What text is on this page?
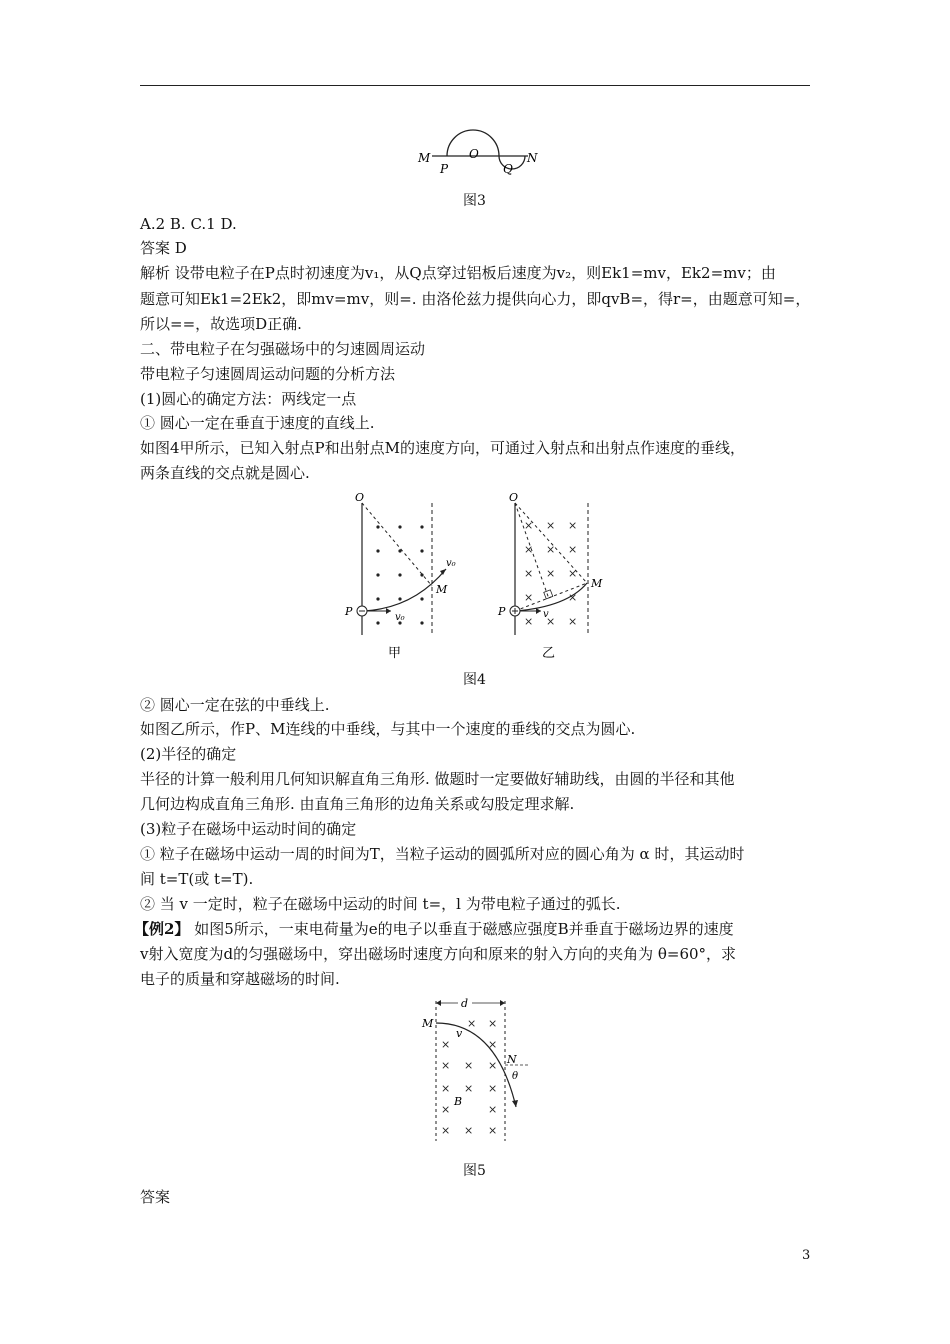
M
P
O
Q
N
图3
A.2 B. C.1 D.
答案 D
解析 设带电粒子在P点时初速度为v₁，从Q点穿过铝板后速度为v₂，则Ek1=mv，Ek2=mv；由
题意可知Ek1=2Ek2，即mv=mv，则=. 由洛伦兹力提供向心力，即qvB=，得r=，由题意可知=，
所以==，故选项D正确.
二、带电粒子在匀强磁场中的匀速圆周运动
带电粒子匀速圆周运动问题的分析方法
(1)圆心的确定方法：两线定一点
① 圆心一定在垂直于速度的直线上.
如图4甲所示，已知入射点P和出射点M的速度方向，可通过入射点和出射点作速度的垂线，
两条直线的交点就是圆心.
O
P
M
v₀
v₀
甲
× × ×
× × ×
× × ×
×	×
× × ×
O
P
M
v
乙
图4
② 圆心一定在弦的中垂线上.
如图乙所示，作P、M连线的中垂线，与其中一个速度的垂线的交点为圆心.
(2)半径的确定
半径的计算一般利用几何知识解直角三角形. 做题时一定要做好辅助线，由圆的半径和其他
几何边构成直角三角形. 由直角三角形的边角关系或勾股定理求解.
(3)粒子在磁场中运动时间的确定
① 粒子在磁场中运动一周的时间为T，当粒子运动的圆弧所对应的圆心角为 α 时，其运动时
间 t=T(或 t=T).
② 当 v 一定时，粒子在磁场中运动的时间 t=，l 为带电粒子通过的弧长.
【例2】 如图5所示，一束电荷量为e的电子以垂直于磁感应强度B并垂直于磁场边界的速度
v射入宽度为d的匀强磁场中，穿出磁场时速度方向和原来的射入方向的夹角为 θ=60°，求
电子的质量和穿越磁场的时间.
d
× ×
×	×
× × ×
× × ×
×	×
× × ×
M
v
N
θ
B
图5
答案
3
